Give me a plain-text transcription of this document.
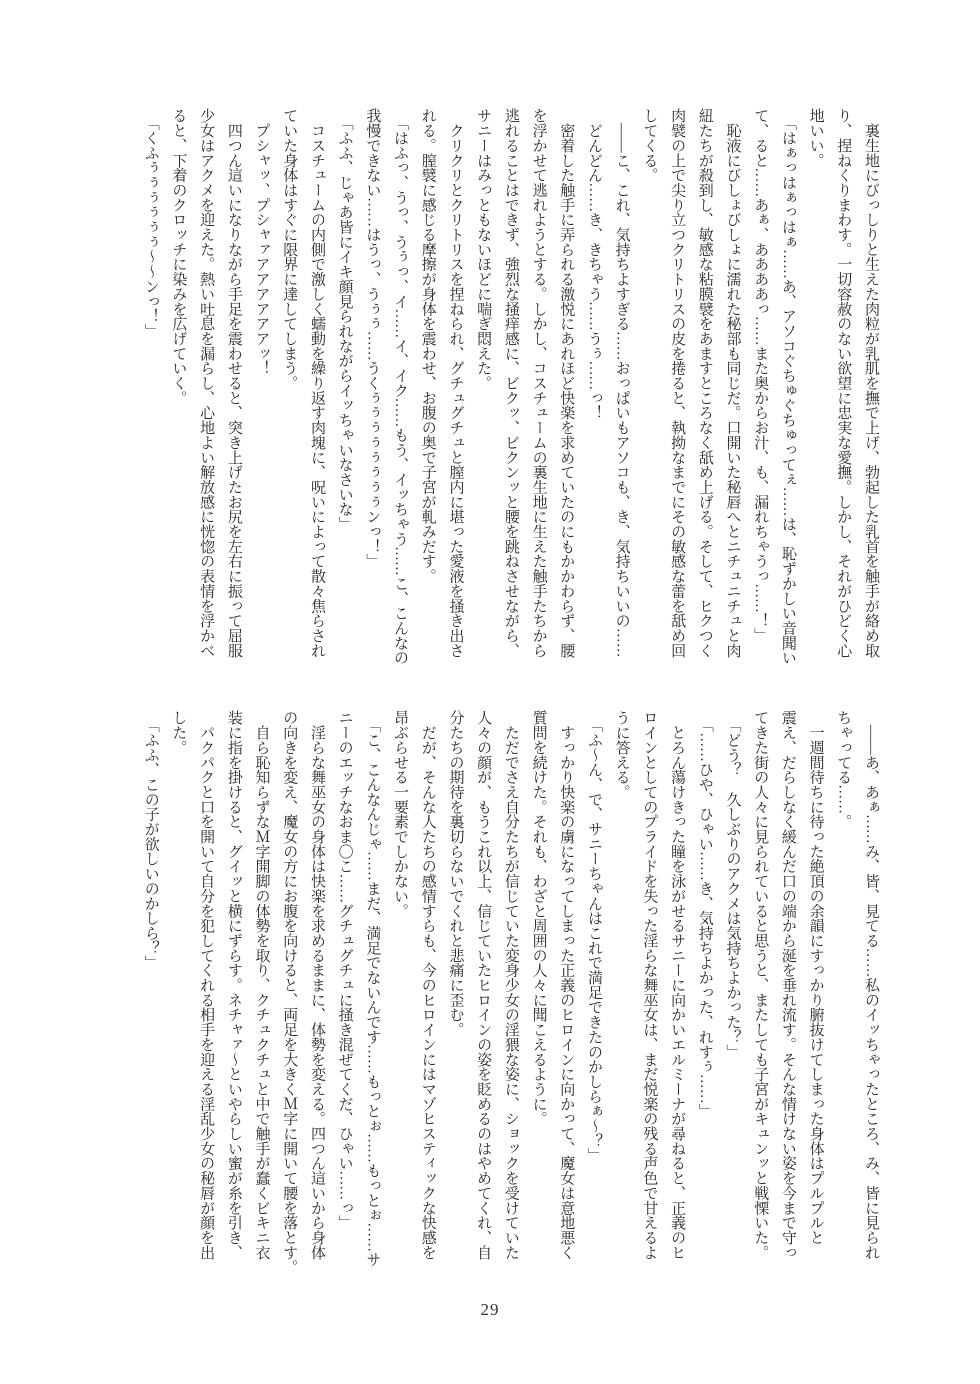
　裏生地にびっしりと生えた肉粒が乳肌を撫で上げ、勃起した乳首を触手が絡め取
り、捏ねくりまわす。一切容赦のない欲望に忠実な愛撫。しかし、それがひどく心
地いい。
　「はぁっはぁっはぁ……あ、アソコぐちゅぐちゅってぇ……は、恥ずかしい音聞い
て、ると……あぁ、ああああっ……また奥からお汁、も、漏れちゃうっ……！」
　恥液にびしょびしょに濡れた秘部も同じだ。口開いた秘唇へとニチュニチュと肉
紐たちが殺到し、敏感な粘膜襞をあますところなく舐め上げる。そして、ヒクつく
肉襞の上で尖り立つクリトリスの皮を捲ると、執拗なまでにその敏感な蕾を舐め回
してくる。
　――こ、これ、気持ちよすぎる……おっぱいもアソコも、き、気持ちいいの……
　どんどん……き、きちゃう……うぅ……っ！
　密着した触手に弄られる激悦にあれほど快楽を求めていたのにもかかわらず、腰
を浮かせて逃れようとする。しかし、コスチュームの裏生地に生えた触手たちから
逃れることはできず、強烈な掻痒感に、ビクッ、ビクンッと腰を跳ねさせながら、
サニーはみっともないほどに喘ぎ悶えた。
　クリクリとクリトリスを捏ねられ、グチュグチュと膣内に堪った愛液を掻き出さ
れる。膣襞に感じる摩擦が身体を震わせ、お腹の奥で子宮が軋みだす。
　「はふっ、うっ、うぅっ、イ……イ、イク……もう、イッちゃう……こ、こんなの
我慢できない……はうっ、うぅぅ……うくぅぅぅぅぅぅぅぅンっ！」
　「ふふ、じゃあ皆にイキ顔見られながらイッちゃいなさいな」
　コスチュームの内側で激しく蠕動を繰り返す肉塊に、呪いによって散々焦らされ
ていた身体はすぐに限界に達してしまう。
　プシャッ、プシャァアアアアアアッ！
　四つん這いになりながら手足を震わせると、突き上げたお尻を左右に振って屈服
少女はアクメを迎えた。熱い吐息を漏らし、心地よい解放感に恍惚の表情を浮かべ
ると、下着のクロッチに染みを広げていく。
　「くふぅぅぅぅぅぅ〜〜ンっ！」
　――あ、あぁ……み、皆、見てる……私のイッちゃったところ、み、皆に見られ
ちゃってる……。
　一週間待ちに待った絶頂の余韻にすっかり腑抜けてしまった身体はプルプルと
震え、だらしなく緩んだ口の端から涎を垂れ流す。そんな情けない姿を今まで守っ
てきた街の人々に見られていると思うと、またしても子宮がキュンッと戦慄いた。
　「どう？　久しぶりのアクメは気持ちよかった？」
　「……ひや、ひゃい……き、気持ちよかった、れすぅ……」
　とろん蕩けきった瞳を泳がせるサニーに向かいエルミーナが尋ねると、正義のヒ
ロインとしてのプライドを失った淫らな舞巫女は、まだ悦楽の残る声色で甘えるよ
うに答える。
　「ふ〜ん、で、サニーちゃんはこれで満足できたのかしらぁ〜？」
　すっかり快楽の虜になってしまった正義のヒロインに向かって、魔女は意地悪く
質問を続けた。それも、わざと周囲の人々に聞こえるように。
　ただでさえ自分たちが信じていた変身少女の淫猥な姿に、ショックを受けていた
人々の顔が、もうこれ以上、信じていたヒロインの姿を貶めるのはやめてくれ、自
分たちの期待を裏切らないでくれと悲痛に歪む。
　だが、そんな人たちの感情すらも、今のヒロインにはマゾヒスティックな快感を
昂ぶらせる一要素でしかない。
　「こ、こんなんじゃ……まだ、満足でないんです……もっとぉ……もっとぉ……サ
ニーのエッチなおま〇こ……グチュグチュに掻き混ぜてくだ、ひゃい……っ」
　淫らな舞巫女の身体は快楽を求めるままに、体勢を変える。四つん這いから身体
の向きを変え、魔女の方にお腹を向けると、両足を大きくＭ字に開いて腰を落とす。
　自ら恥知らずなＭ字開脚の体勢を取り、クチュクチュと中で触手が蠢くビキニ衣
装に指を掛けると、グイッと横にずらす。ネチャァ〜といやらしい蜜が糸を引き、
　パクパクと口を開いて自分を犯してくれる相手を迎える淫乱少女の秘唇が顔を出
した。
　「ふふ、この子が欲しいのかしら？」
29
